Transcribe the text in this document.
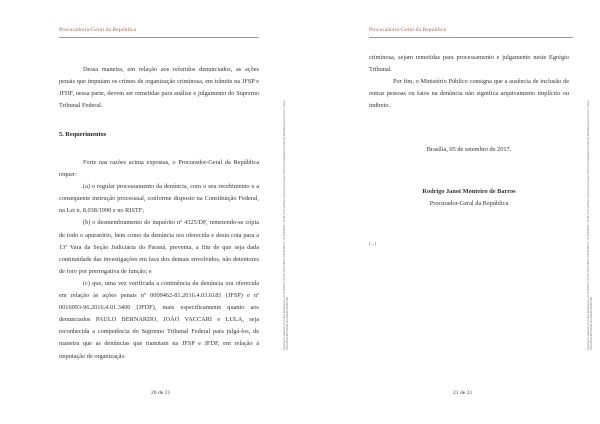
Procuradoria-Geral da República

Dessa maneira, em relação aos referidos denunciados, as ações penais que imputam os crimes de organização criminosa, em trâmite na JFSP e JFDF, nessa parte, devem ser remetidas para análise e julgamento do Supremo Tribunal Federal.

5. Requerimentos

Forte nas razões acima expostas, o Procurador-Geral da República requer:

(a) o regular processamento da denúncia, com o seu recebimento e a consequente instrução processual, conforme disposto na Constituição Federal, na Lei n. 8.038/1990 e no RISTF;

(b) o desmembramento do inquérito nº 4325/DF, remetendo-se cópia de todo o apuratório, bem como da denúncia ora oferecida e desta cota para a 13ª Vara da Seção Judiciária do Paraná, preventa, a fim de que seja dada continuidade das investigações em face dos demais envolvidos, não detentores de foro por prerrogativa de função; e

(c) que, uma vez verificada a continência da denúncia ora oferecida em relação às ações penais nº 0009462-81.2016.4.03.6181 (JFSP) e nº 0016093-96.2016.4.01.3400 (JFDF), mais especificamente quanto aos denunciados PAULO BERNARDO, JOÃO VACCARI e LULA, seja reconhecida a competência do Supremo Tribunal Federal para julgá-los, de maneira que as denúncias que tramitam na JFSP e JFDF, em relação à imputação de organização

20 de 21
Documento assinado via Token digitalmente por RODRIGO JANOT MONTEIRO DE BARROS, em 05/09/2017 18:49. Para verificar a assinatura acesse http://www.transparencia.mpf.mp.br/validacaodocumento. Chave 5A3C2B1D.8E7F6A5B.9C0D1E2F.3A4B5C6D
Procuradoria-Geral da República

criminosa, sejam remetidas para processamento e julgamento neste Egrégio Tribunal.

Por fim, o Ministério Público consigna que a ausência de inclusão de outras pessoas ou fatos na denúncia não significa arquivamento implícito ou indireto.

Brasília, 05 de setembro de 2017.

Rodrigo Janot Monteiro de Barros

Procurador-Geral da República

(...)
21 de 21
Documento assinado via Token digitalmente por RODRIGO JANOT MONTEIRO DE BARROS, em 05/09/2017 18:49. Para verificar a assinatura acesse http://www.transparencia.mpf.mp.br/validacaodocumento. Chave 5A3C2B1D.8E7F6A5B.9C0D1E2F.3A4B5C6D
